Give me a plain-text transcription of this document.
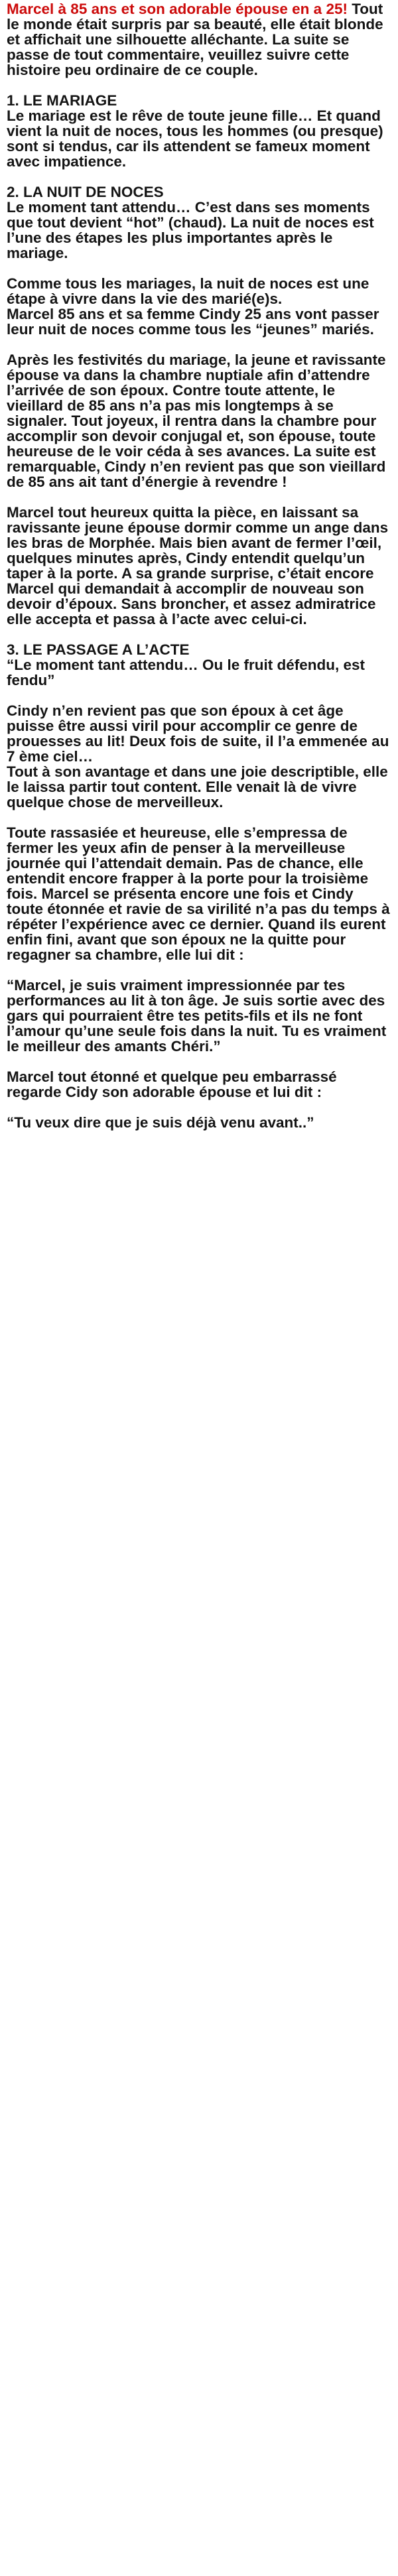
Marcel à 85 ans et son adorable épouse en a 25! Tout le monde était surpris par sa beauté, elle était blonde et affichait une silhouette alléchante. La suite se passe de tout commentaire, veuillez suivre cette histoire peu ordinaire de ce couple.

1. LE MARIAGE
Le mariage est le rêve de toute jeune fille… Et quand vient la nuit de noces, tous les hommes (ou presque) sont si tendus, car ils attendent se fameux moment avec impatience.

2. LA NUIT DE NOCES
Le moment tant attendu… C’est dans ses moments que tout devient “hot” (chaud). La nuit de noces est l’une des étapes les plus importantes après le mariage.

Comme tous les mariages, la nuit de noces est une étape à vivre dans la vie des marié(e)s.
Marcel 85 ans et sa femme Cindy 25 ans vont passer leur nuit de noces comme tous les “jeunes” mariés.

Après les festivités du mariage, la jeune et ravissante épouse va dans la chambre nuptiale afin d’attendre l’arrivée de son époux. Contre toute attente, le vieillard de 85 ans n’a pas mis longtemps à se signaler. Tout joyeux, il rentra dans la chambre pour accomplir son devoir conjugal et, son épouse, toute heureuse de le voir céda à ses avances. La suite est remarquable, Cindy n’en revient pas que son vieillard de 85 ans ait tant d’énergie à revendre !

Marcel tout heureux quitta la pièce, en laissant sa ravissante jeune épouse dormir comme un ange dans les bras de Morphée. Mais bien avant de fermer l’œil, quelques minutes après, Cindy entendit quelqu’un taper à la porte. A sa grande surprise, c’était encore Marcel qui demandait à accomplir de nouveau son devoir d’époux. Sans broncher, et assez admiratrice elle accepta et passa à l’acte avec celui-ci.

3. LE PASSAGE A L’ACTE
“Le moment tant attendu… Ou le fruit défendu, est fendu”

Cindy n’en revient pas que son époux à cet âge puisse être aussi viril pour accomplir ce genre de prouesses au lit! Deux fois de suite, il l’a emmenée au 7 ème ciel…
Tout à son avantage et dans une joie descriptible, elle le laissa partir tout content. Elle venait là de vivre quelque chose de merveilleux.

Toute rassasiée et heureuse, elle s’empressa de fermer les yeux afin de penser à la merveilleuse journée qui l’attendait demain. Pas de chance, elle entendit encore frapper à la porte pour la troisième fois. Marcel se présenta encore une fois et Cindy toute étonnée et ravie de sa virilité n’a pas du temps à répéter l’expérience avec ce dernier. Quand ils eurent enfin fini, avant que son époux ne la quitte pour regagner sa chambre, elle lui dit :

“Marcel, je suis vraiment impressionnée par tes performances au lit à ton âge. Je suis sortie avec des gars qui pourraient être tes petits-fils et ils ne font l’amour qu’une seule fois dans la nuit. Tu es vraiment le meilleur des amants Chéri.”

Marcel tout étonné et quelque peu embarrassé regarde Cidy son adorable épouse et lui dit :

“Tu veux dire que je suis déjà venu avant..”
